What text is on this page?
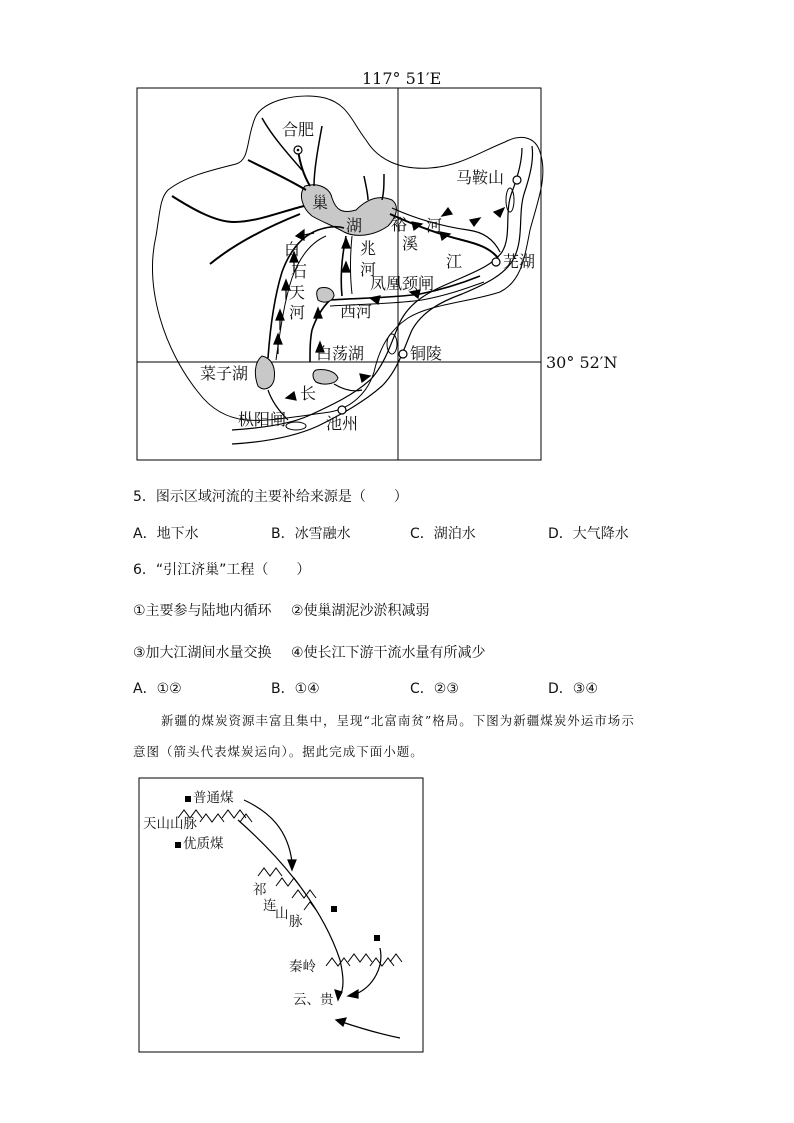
117° 51′E
30° 52′N
合肥
马鞍山
芜湖
铜陵
池州
菜子湖
枞阳闸
白荡湖
凤凰颈闸
西河
巢
湖 裕
溪
河
江
长
白
石
天
河
兆
河
5．图示区域河流的主要补给来源是（　　）
A．地下水	B．冰雪融水	C．湖泊水	D．大气降水
6．“引江济巢”工程（　　）
①主要参与陆地内循环 ②使巢湖泥沙淤积减弱
③加大江湖间水量交换 ④使长江下游干流水量有所减少
A．①②	B．①④	C．②③	D．③④
新疆的煤炭资源丰富且集中，呈现“北富南贫”格局。下图为新疆煤炭外运市场示
意图（箭头代表煤炭运向）。据此完成下面小题。
普通煤
天山山脉
优质煤
祁
连
山 脉
秦岭
云、贵
